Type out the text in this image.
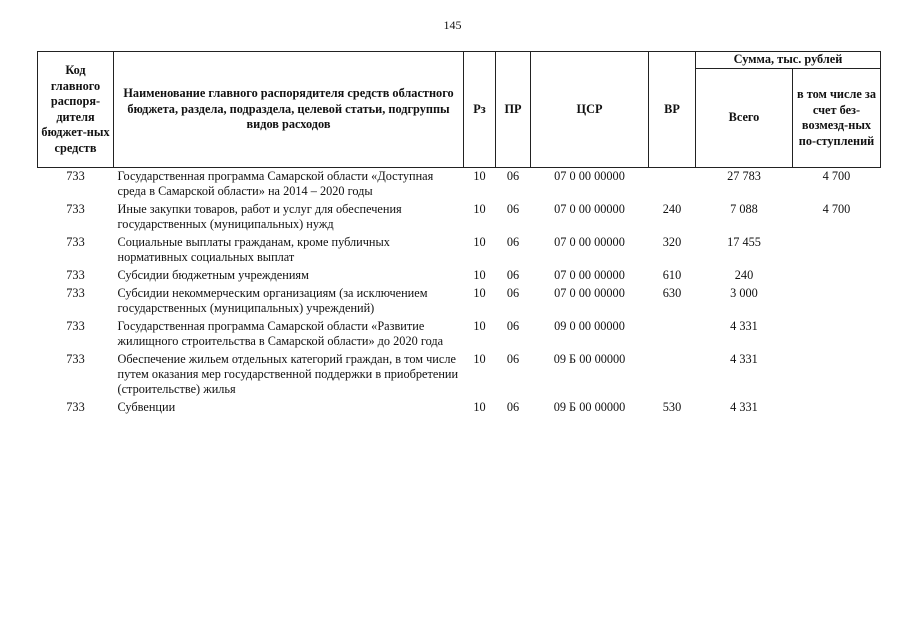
145
Код главного распоря-дителя бюджет-ных средств	Наименование главного распорядителя средств областного бюджета, раздела, подраздела, целевой статьи, подгруппы видов расходов	Рз	ПР	ЦСР	ВР	Сумма, тыс. рублей	
						Всего	в том числе за счет без-возмезд-ных по-ступлений
733	Государственная программа Самарской области «Доступная среда в Самарской области» на 2014 – 2020 годы	10	06	07 0 00 00000		27 783	4 700
733	Иные закупки товаров, работ и услуг для обеспечения государственных (муниципальных) нужд	10	06	07 0 00 00000	240	7 088	4 700
733	Социальные выплаты гражданам, кроме публичных нормативных социальных выплат	10	06	07 0 00 00000	320	17 455	
733	Субсидии бюджетным учреждениям	10	06	07 0 00 00000	610	240	
733	Субсидии некоммерческим организациям (за исключением государственных (муниципальных) учреждений)	10	06	07 0 00 00000	630	3 000	
733	Государственная программа Самарской области «Развитие жилищного строительства в Самарской области» до 2020 года	10	06	09 0 00 00000		4 331	
733	Обеспечение жильем отдельных категорий граждан, в том числе путем оказания мер государственной поддержки в приобретении (строительстве) жилья	10	06	09 Б 00 00000		4 331	
733	Субвенции	10	06	09 Б 00 00000	530	4 331	
